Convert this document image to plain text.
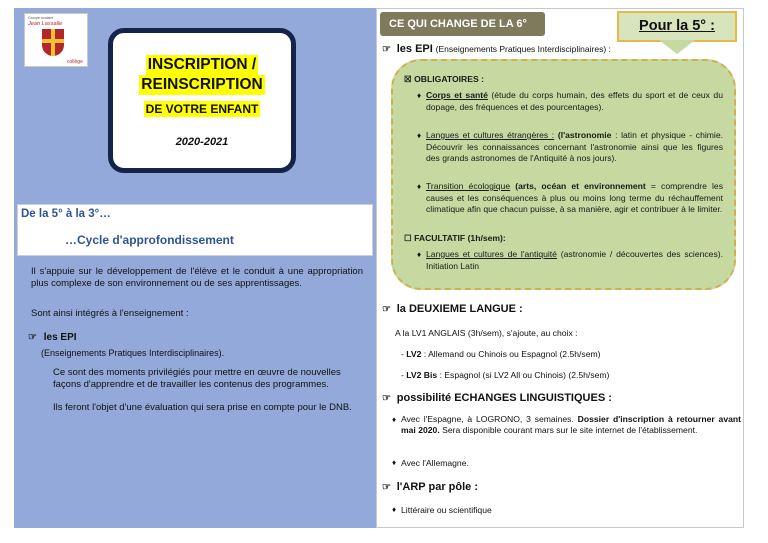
Groupe scolaire
Jean Lassalle
collège	INSCRIPTION /
REINSCRIPTION
DE VOTRE ENFANT
2020-2021
De la 5° à la 3°…
…Cycle d'approfondissement
Il s'appuie sur le développement de l'élève et le conduit à une appropriation plus complexe de son environnement ou de ses apprentissages.
Sont ainsi intégrés à l'enseignement :
☞ les EPI
(Enseignements Pratiques Interdisciplinaires).
Ce sont des moments privilégiés pour mettre en œuvre de nouvelles façons d'apprendre et de travailler les contenus des programmes.
Ils feront l'objet d'une évaluation qui sera prise en compte pour le DNB.
CE QUI CHANGE DE LA 6°	Pour la 5° :
☞ les EPI (Enseignements Pratiques Interdisciplinaires) :
☒ OBLIGATOIRES :
♦ Corps et santé (étude du corps humain, des effets du sport et de ceux du dopage, des fréquences et des pourcentages).
♦ Langues et cultures étrangères : (l'astronomie : latin et physique - chimie. Découvrir les connaissances concernant l'astronomie ainsi que les figures des grands astronomes de l'Antiquité à nos jours).
♦ Transition écologique (arts, océan et environnement = comprendre les causes et les conséquences à plus ou moins long terme du réchauffement climatique afin que chacun puisse, à sa manière, agir et contribuer à le limiter.
☐ FACULTATIF (1h/sem):
♦ Langues et cultures de l'antiquité (astronomie / découvertes des sciences). Initiation Latin
☞ la DEUXIEME LANGUE :
A la LV1 ANGLAIS (3h/sem), s'ajoute, au choix :
- LV2 : Allemand ou Chinois ou Espagnol (2.5h/sem)
- LV2 Bis : Espagnol (si LV2 All ou Chinois) (2.5h/sem)
☞ possibilité ECHANGES LINGUISTIQUES :
♦ Avec l'Espagne, à LOGRONO, 3 semaines. Dossier d'inscription à retourner avant mai 2020. Sera disponible courant mars sur le site internet de l'établissement.
♦ Avec l'Allemagne.
☞ l'ARP par pôle :
♦ Littéraire ou scientifique
